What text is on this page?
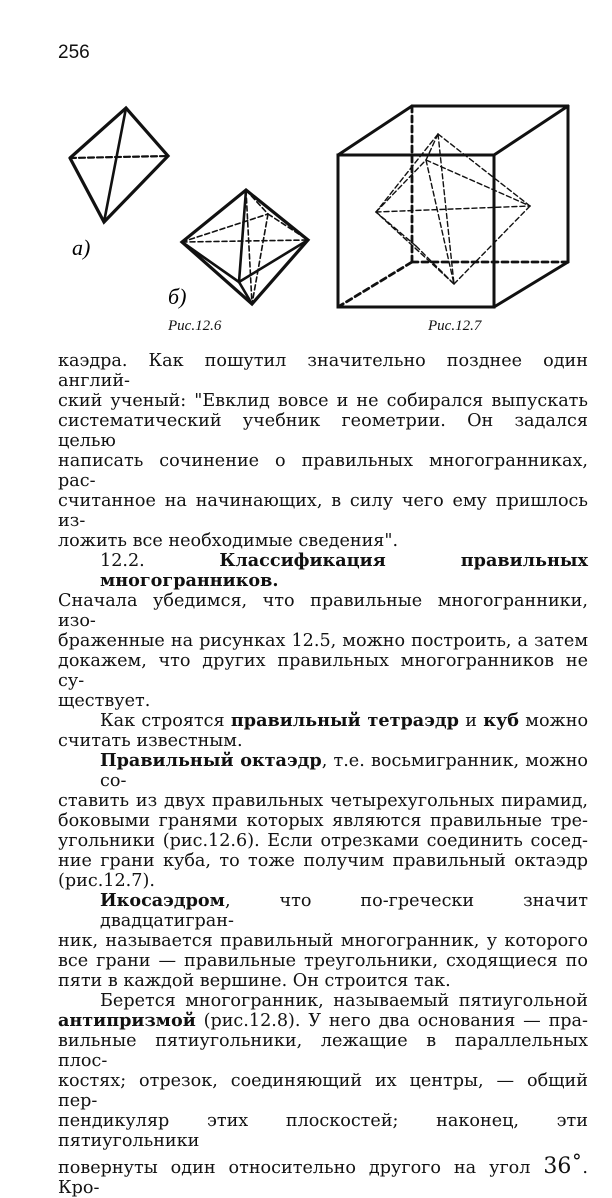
256
a)
б)
Рис.12.6	Рис.12.7

каэдра. Как пошутил значительно позднее один англий-
ский ученый: "Евклид вовсе и не собирался выпускать
систематический учебник геометрии. Он задался целью
написать сочинение о правильных многогранниках, рас-
считанное на начинающих, в силу чего ему пришлось из-
ложить все необходимые сведения".

12.2.	Классификация правильных многогранников.
Сначала убедимся, что правильные многогранники, изо-
браженные на рисунках 12.5, можно построить, а затем
докажем, что других правильных многогранников не су-
ществует.

Как строятся правильный тетраэдр и куб можно
считать известным.

Правильный октаэдр, т.е. восьмигранник, можно со-
ставить из двух правильных четырехугольных пирамид,
боковыми гранями которых являются правильные тре-
угольники (рис.12.6). Если отрезками соединить сосед-
ние грани куба, то тоже получим правильный октаэдр
(рис.12.7).

Икосаэдром, что по-гречески значит двадцатигран-
ник, называется правильный многогранник, у которого
все грани — правильные треугольники, сходящиеся по
пяти в каждой вершине. Он строится так.

Берется многогранник, называемый пятиугольной
антипризмой (рис.12.8). У него два основания — пра-
вильные пятиугольники, лежащие в параллельных плос-
костях; отрезок, соединяющий их центры, — общий пер-
пендикуляр этих плоскостей; наконец, эти пятиугольники
повернуты один относительно другого на угол 36˚. Кро-
